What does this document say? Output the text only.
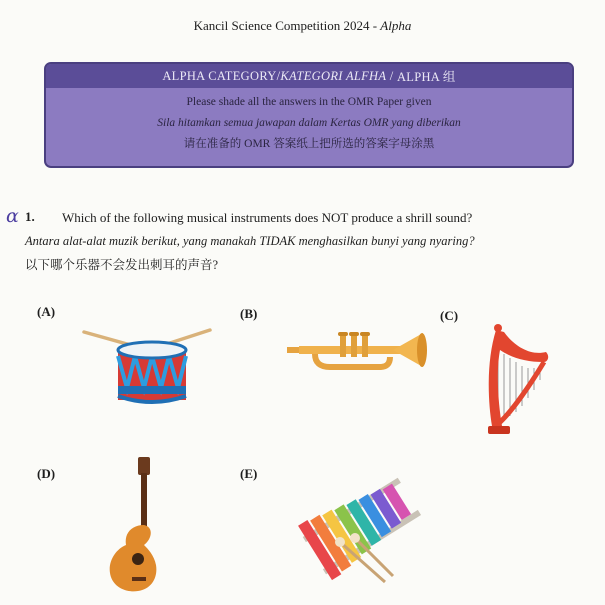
Kancil Science Competition 2024 - Alpha
ALPHA CATEGORY/ KATEGORI ALFHA / ALPHA 组
Please shade all the answers in the OMR Paper given
Sila hitamkan semua jawapan dalam Kertas OMR yang diberikan
请在准备的 OMR 答案纸上把所选的答案字母涂黑
α 1. Which of the following musical instruments does NOT produce a shrill sound?
Antara alat-alat muzik berikut, yang manakah TIDAK menghasilkan bunyi yang nyaring?
以下哪个乐器不会发出刺耳的声音?
(A)	(B)	(C)
(D)	(E)
